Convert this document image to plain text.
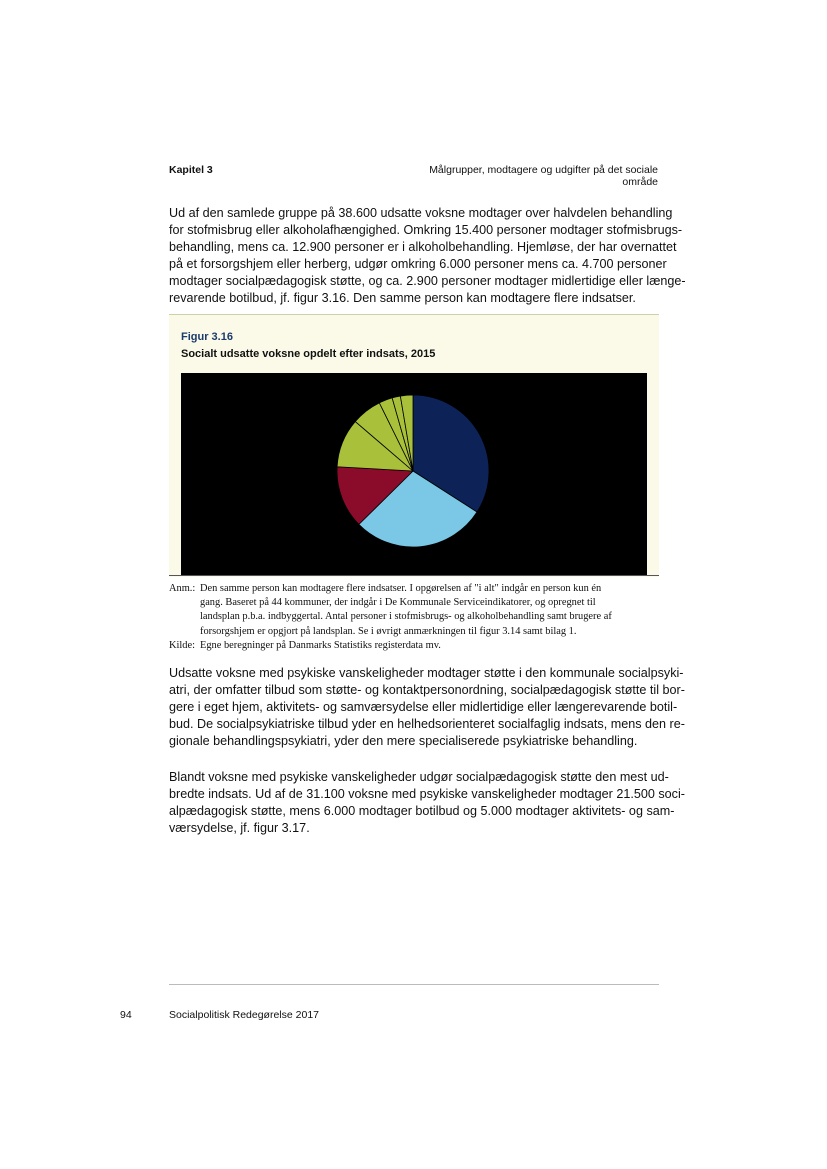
Kapitel 3	Målgrupper, modtagere og udgifter på det sociale område

Ud af den samlede gruppe på 38.600 udsatte voksne modtager over halvdelen behandling
for stofmisbrug eller alkoholafhængighed. Omkring 15.400 personer modtager stofmisbrugs-
behandling, mens ca. 12.900 personer er i alkoholbehandling. Hjemløse, der har overnattet
på et forsorgshjem eller herberg, udgør omkring 6.000 personer mens ca. 4.700 personer
modtager socialpædagogisk støtte, og ca. 2.900 personer modtager midlertidige eller længe-
revarende botilbud, jf. figur 3.16. Den samme person kan modtagere flere indsatser.

Figur 3.16
Socialt udsatte voksne opdelt efter indsats, 2015
Anm.: Den samme person kan modtagere flere indsatser. I opgørelsen af "i alt" indgår en person kun én
gang. Baseret på 44 kommuner, der indgår i De Kommunale Serviceindikatorer, og opregnet til
landsplan p.b.a. indbyggertal. Antal personer i stofmisbrugs- og alkoholbehandling samt brugere af
forsorgshjem er opgjort på landsplan. Se i øvrigt anmærkningen til figur 3.14 samt bilag 1.
Kilde: Egne beregninger på Danmarks Statistiks registerdata mv.

Udsatte voksne med psykiske vanskeligheder modtager støtte i den kommunale socialpsyki-
atri, der omfatter tilbud som støtte- og kontaktpersonordning, socialpædagogisk støtte til bor-
gere i eget hjem, aktivitets- og samværsydelse eller midlertidige eller længerevarende botil-
bud. De socialpsykiatriske tilbud yder en helhedsorienteret socialfaglig indsats, mens den re-
gionale behandlingspsykiatri, yder den mere specialiserede psykiatriske behandling.

Blandt voksne med psykiske vanskeligheder udgør socialpædagogisk støtte den mest ud-
bredte indsats. Ud af de 31.100 voksne med psykiske vanskeligheder modtager 21.500 soci-
alpædagogisk støtte, mens 6.000 modtager botilbud og 5.000 modtager aktivitets- og sam-
værsydelse, jf. figur 3.17.

94	Socialpolitisk Redegørelse 2017
